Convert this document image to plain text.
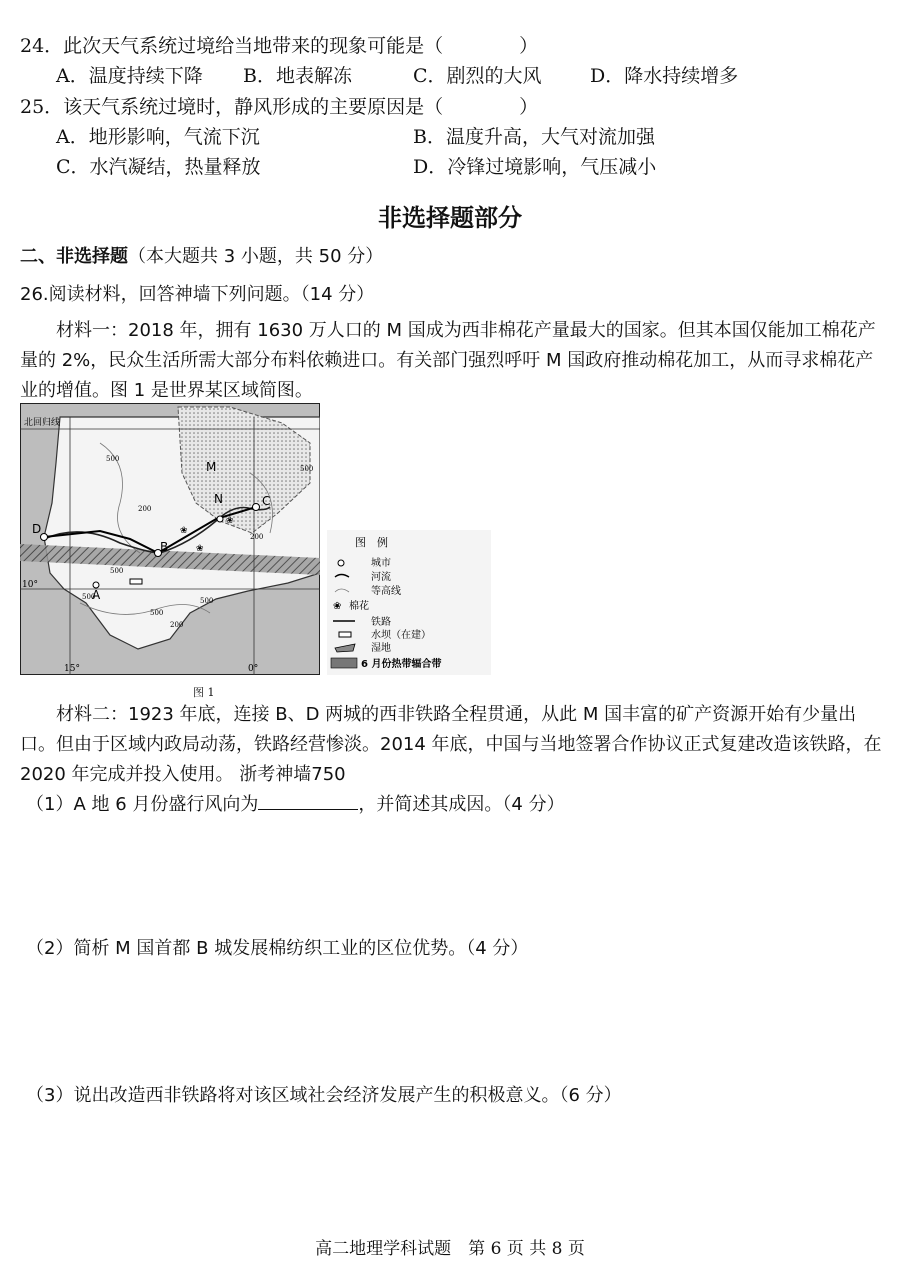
24．此次天气系统过境给当地带来的现象可能是（　　　　）
A．温度持续下降 B．地表解冻	C．剧烈的大风	D．降水持续增多
25．该天气系统过境时，静风形成的主要原因是（　　　　）
A．地形影响，气流下沉	B．温度升高，大气对流加强
C．水汽凝结，热量释放	D．冷锋过境影响，气压减小
非选择题部分
二、非选择题（本大题共 3 小题，共 50 分）
26.阅读材料，回答神墙下列问题。（14 分）
材料一：2018 年，拥有 1630 万人口的 M 国成为西非棉花产量最大的国家。但其本国仅能加工棉花产量的 2%，民众生活所需大部分布料依赖进口。有关部门强烈呼吁 M 国政府推动棉花加工，从而寻求棉花产业的增值。图 1 是世界某区域简图。
❀
❀
❀
北回归线
10°
15°	0°
500
500
200
200
500
500
200
500
500
M
N	C
D
B
A
图　例
城市
河流
等高线
❀ 棉花
铁路
水坝（在建）
湿地
6 月份热带辐合带
图 1
材料二：1923 年底，连接 B、D 两城的西非铁路全程贯通，从此 M 国丰富的矿产资源开始有少量出口。但由于区域内政局动荡，铁路经营惨淡。2014 年底，中国与当地签署合作协议正式复建改造该铁路，在 2020 年完成并投入使用。 浙考神墙750
（1）A 地 6 月份盛行风向为	，并简述其成因。（4 分）
（2）简析 M 国首都 B 城发展棉纺织工业的区位优势。（4 分）
（3）说出改造西非铁路将对该区域社会经济发展产生的积极意义。（6 分）
高二地理学科试题　第 6 页 共 8 页
